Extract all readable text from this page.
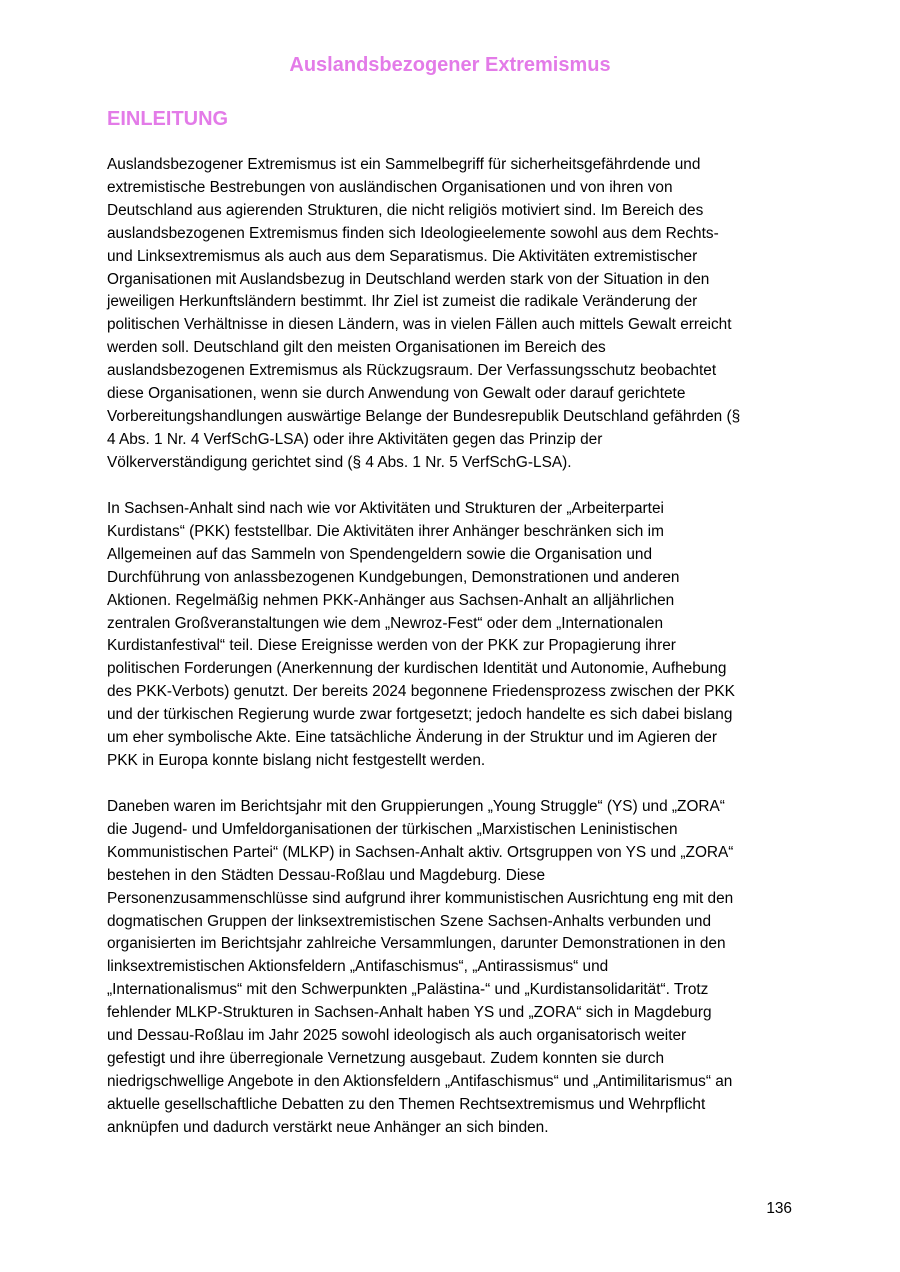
Auslandsbezogener Extremismus
EINLEITUNG

Auslandsbezogener Extremismus ist ein Sammelbegriff für sicherheitsgefährdende und
extremistische Bestrebungen von ausländischen Organisationen und von ihren von
Deutschland aus agierenden Strukturen, die nicht religiös motiviert sind. Im Bereich des
auslandsbezogenen Extremismus finden sich Ideologieelemente sowohl aus dem Rechts-
und Linksextremismus als auch aus dem Separatismus. Die Aktivitäten extremistischer
Organisationen mit Auslandsbezug in Deutschland werden stark von der Situation in den
jeweiligen Herkunftsländern bestimmt. Ihr Ziel ist zumeist die radikale Veränderung der
politischen Verhältnisse in diesen Ländern, was in vielen Fällen auch mittels Gewalt erreicht
werden soll. Deutschland gilt den meisten Organisationen im Bereich des
auslandsbezogenen Extremismus als Rückzugsraum. Der Verfassungsschutz beobachtet
diese Organisationen, wenn sie durch Anwendung von Gewalt oder darauf gerichtete
Vorbereitungshandlungen auswärtige Belange der Bundesrepublik Deutschland gefährden (§
4 Abs. 1 Nr. 4 VerfSchG-LSA) oder ihre Aktivitäten gegen das Prinzip der
Völkerverständigung gerichtet sind (§ 4 Abs. 1 Nr. 5 VerfSchG-LSA).

In Sachsen-Anhalt sind nach wie vor Aktivitäten und Strukturen der „Arbeiterpartei
Kurdistans“ (PKK) feststellbar. Die Aktivitäten ihrer Anhänger beschränken sich im
Allgemeinen auf das Sammeln von Spendengeldern sowie die Organisation und
Durchführung von anlassbezogenen Kundgebungen, Demonstrationen und anderen
Aktionen. Regelmäßig nehmen PKK-Anhänger aus Sachsen-Anhalt an alljährlichen
zentralen Großveranstaltungen wie dem „Newroz-Fest“ oder dem „Internationalen
Kurdistanfestival“ teil. Diese Ereignisse werden von der PKK zur Propagierung ihrer
politischen Forderungen (Anerkennung der kurdischen Identität und Autonomie, Aufhebung
des PKK-Verbots) genutzt. Der bereits 2024 begonnene Friedensprozess zwischen der PKK
und der türkischen Regierung wurde zwar fortgesetzt; jedoch handelte es sich dabei bislang
um eher symbolische Akte. Eine tatsächliche Änderung in der Struktur und im Agieren der
PKK in Europa konnte bislang nicht festgestellt werden.

Daneben waren im Berichtsjahr mit den Gruppierungen „Young Struggle“ (YS) und „ZORA“
die Jugend- und Umfeldorganisationen der türkischen „Marxistischen Leninistischen
Kommunistischen Partei“ (MLKP) in Sachsen-Anhalt aktiv. Ortsgruppen von YS und „ZORA“
bestehen in den Städten Dessau-Roßlau und Magdeburg. Diese
Personenzusammenschlüsse sind aufgrund ihrer kommunistischen Ausrichtung eng mit den
dogmatischen Gruppen der linksextremistischen Szene Sachsen-Anhalts verbunden und
organisierten im Berichtsjahr zahlreiche Versammlungen, darunter Demonstrationen in den
linksextremistischen Aktionsfeldern „Antifaschismus“, „Antirassismus“ und
„Internationalismus“ mit den Schwerpunkten „Palästina-“ und „Kurdistansolidarität“. Trotz
fehlender MLKP-Strukturen in Sachsen-Anhalt haben YS und „ZORA“ sich in Magdeburg
und Dessau-Roßlau im Jahr 2025 sowohl ideologisch als auch organisatorisch weiter
gefestigt und ihre überregionale Vernetzung ausgebaut. Zudem konnten sie durch
niedrigschwellige Angebote in den Aktionsfeldern „Antifaschismus“ und „Antimilitarismus“ an
aktuelle gesellschaftliche Debatten zu den Themen Rechtsextremismus und Wehrpflicht
anknüpfen und dadurch verstärkt neue Anhänger an sich binden.

136
